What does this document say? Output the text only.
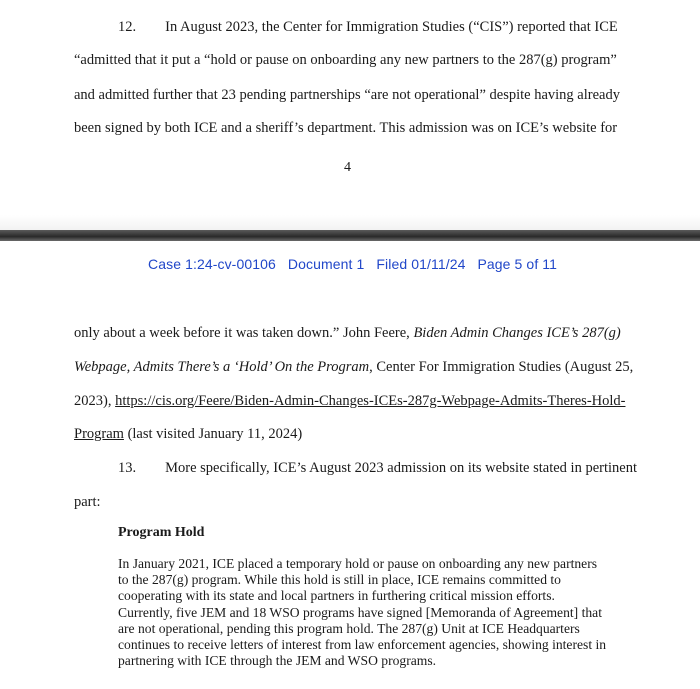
12.  In August 2023, the Center for Immigration Studies (“CIS”) reported that ICE
“admitted that it put a “hold or pause on onboarding any new partners to the 287(g) program”
and admitted further that 23 pending partnerships “are not operational” despite having already
been signed by both ICE and a sheriff’s department. This admission was on ICE’s website for
4
Case 1:24-cv-00106 Document 1 Filed 01/11/24 Page 5 of 11
only about a week before it was taken down.” John Feere, Biden Admin Changes ICE’s 287(g)
Webpage, Admits There’s a ‘Hold’ On the Program, Center For Immigration Studies (August 25,
2023), https://cis.org/Feere/Biden-Admin-Changes-ICEs-287g-Webpage-Admits-Theres-Hold-
Program (last visited January 11, 2024)
13.  More specifically, ICE’s August 2023 admission on its website stated in pertinent
part:
Program Hold
In January 2021, ICE placed a temporary hold or pause on onboarding any new partners
to the 287(g) program. While this hold is still in place, ICE remains committed to
cooperating with its state and local partners in furthering critical mission efforts.
Currently, five JEM and 18 WSO programs have signed [Memoranda of Agreement] that
are not operational, pending this program hold. The 287(g) Unit at ICE Headquarters
continues to receive letters of interest from law enforcement agencies, showing interest in
partnering with ICE through the JEM and WSO programs.
